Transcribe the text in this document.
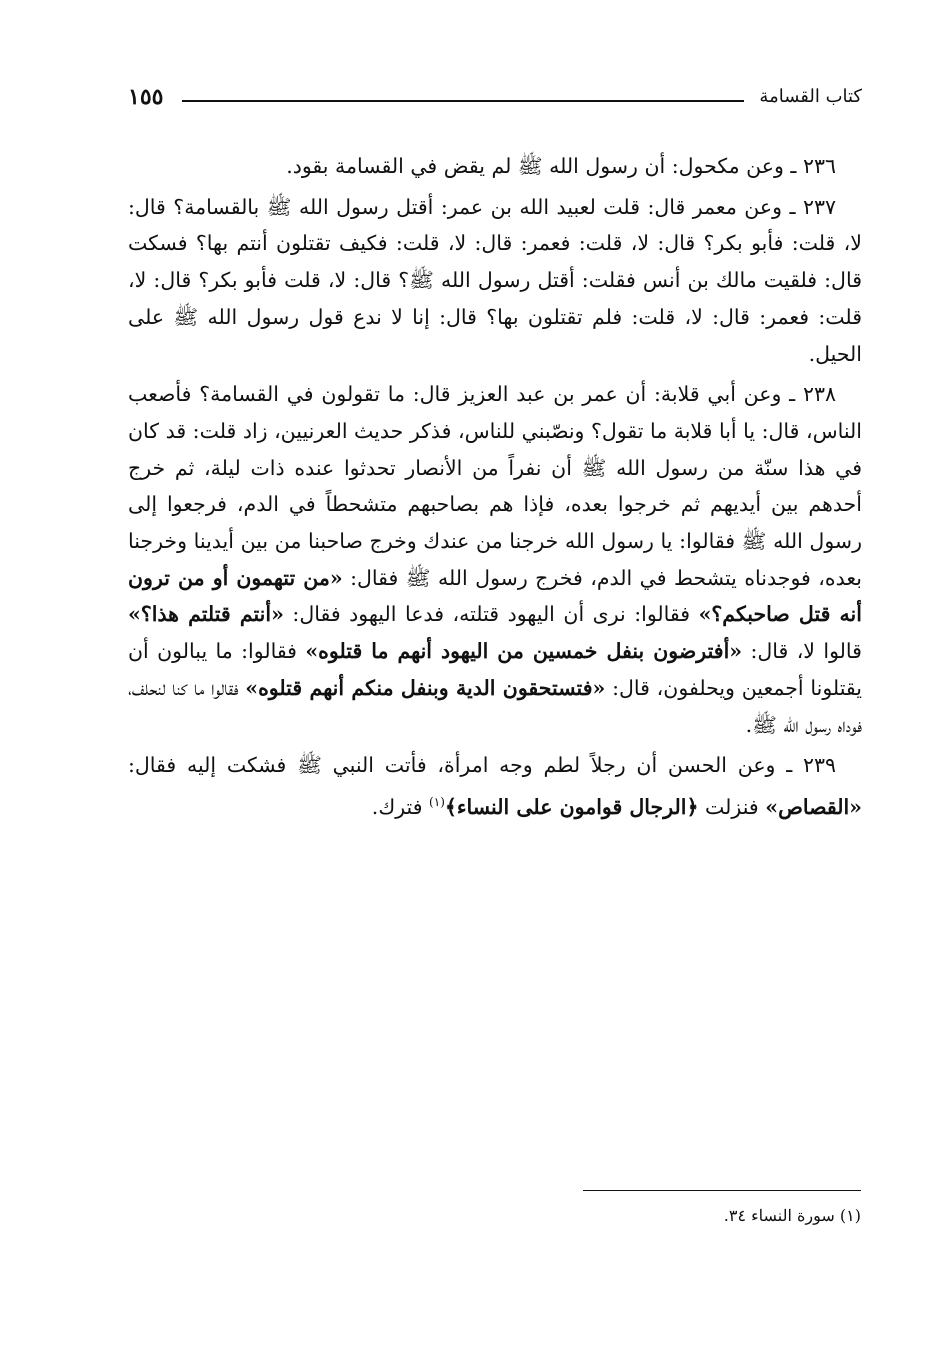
١٥٥	كتاب القسامة

٢٣٦ ـ وعن مكحول: أن رسول الله ﷺ لم يقض في القسامة بقود.

٢٣٧ ـ وعن معمر قال: قلت لعبيد الله بن عمر: أقتل رسول الله ﷺ بالقسامة؟ قال: لا، قلت: فأبو بكر؟ قال: لا، قلت: فعمر: قال: لا، قلت: فكيف تقتلون أنتم بها؟ فسكت قال: فلقيت مالك بن أنس فقلت: أقتل رسول الله ﷺ؟ قال: لا، قلت فأبو بكر؟ قال: لا، قلت: فعمر: قال: لا، قلت: فلم تقتلون بها؟ قال: إنا لا ندع قول رسول الله ﷺ على الحيل.

٢٣٨ ـ وعن أبي قلابة: أن عمر بن عبد العزيز قال: ما تقولون في القسامة؟ فأصعب الناس، قال: يا أبا قلابة ما تقول؟ ونصّبني للناس، فذكر حديث العرنيين، زاد قلت: قد كان في هذا سنّة من رسول الله ﷺ أن نفراً من الأنصار تحدثوا عنده ذات ليلة، ثم خرج أحدهم بين أيديهم ثم خرجوا بعده، فإذا هم بصاحبهم متشحطاً في الدم، فرجعوا إلى رسول الله ﷺ فقالوا: يا رسول الله خرجنا من عندك وخرج صاحبنا من بين أيدينا وخرجنا بعده، فوجدناه يتشحط في الدم، فخرج رسول الله ﷺ فقال: «من تتهمون أو من ترون أنه قتل صاحبكم؟» فقالوا: نرى أن اليهود قتلته، فدعا اليهود فقال: «أنتم قتلتم هذا؟» قالوا لا، قال: «أفترضون بنفل خمسين من اليهود أنهم ما قتلوه» فقالوا: ما يبالون أن يقتلونا أجمعين ويحلفون، قال: «فتستحقون الدية وبنفل منكم أنهم قتلوه» فقالوا ما كنا لنحلف، فوداه رسول الله ﷺ.

٢٣٩ ـ وعن الحسن أن رجلاً لطم وجه امرأة، فأتت النبي ﷺ فشكت إليه فقال: «القصاص» فنزلت ﴿الرجال قوامون على النساء﴾$^{(١)}$ فترك.

(١) سورة النساء ٣٤.
